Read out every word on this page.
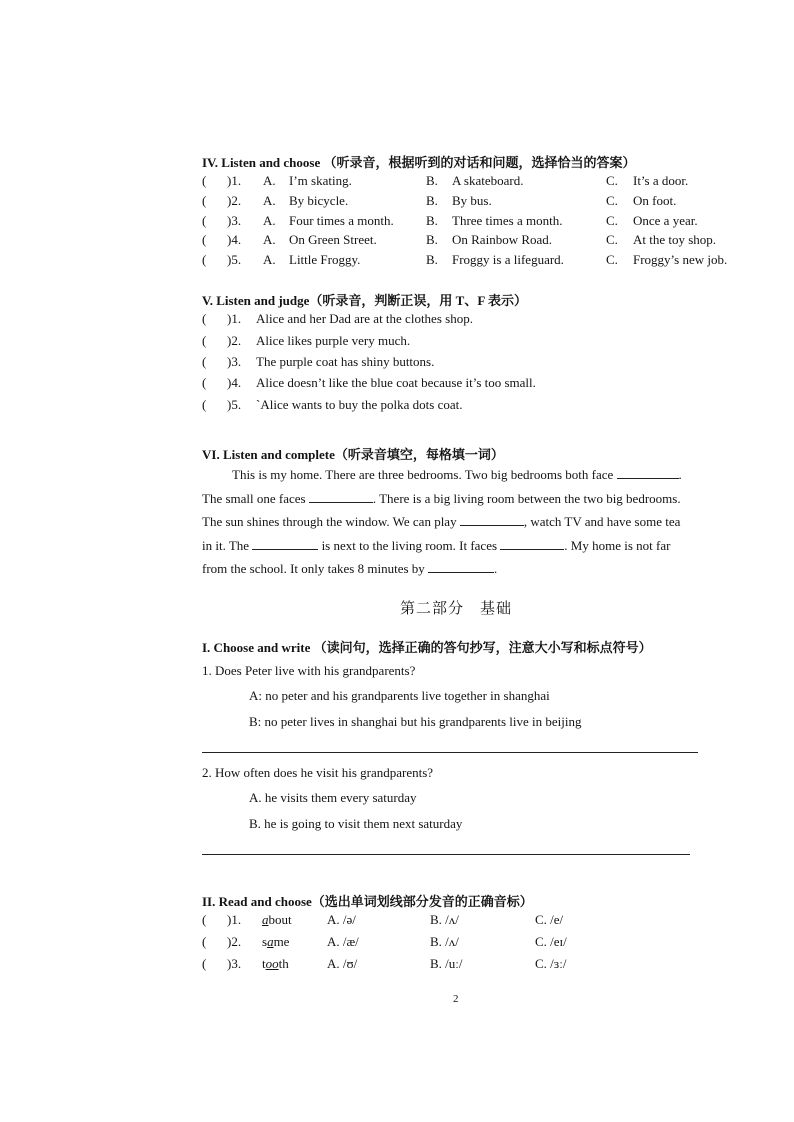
IV. Listen and choose （听录音，根据听到的对话和问题，选择恰当的答案）
( )1. A. I’m skating.	B. A skateboard.	C. It’s a door.
( )2. A. By bicycle.	B. By bus.	C. On foot.
( )3. A. Four times a month. B. Three times a month.	C. Once a year.
( )4. A. On Green Street.	B. On Rainbow Road.	C. At the toy shop.
( )5. A. Little Froggy.	B. Froggy is a lifeguard.	C. Froggy’s new job.
V. Listen and judge（听录音，判断正误，用 T、F 表示）
( )1. Alice and her Dad are at the clothes shop.
( )2. Alice likes purple very much.
( )3. The purple coat has shiny buttons.
( )4. Alice doesn’t like the blue coat because it’s too small.
( )5. `Alice wants to buy the polka dots coat.
VI. Listen and complete（听录音填空，每格填一词）
This is my home. There are three bedrooms. Two big bedrooms both face	.
The small one faces	. There is a big living room between the two big bedrooms.
The sun shines through the window. We can play	, watch TV and have some tea
in it. The	is next to the living room. It faces	. My home is not far
from the school. It only takes 8 minutes by	.
第二部分　基础
I. Choose and write （读问句，选择正确的答句抄写，注意大小写和标点符号）
1. Does Peter live with his grandparents?
A: no peter and his grandparents live together in shanghai
B: no peter lives in shanghai but his grandparents live in beijing
2. How often does he visit his grandparents?
A. he visits them every saturday
B. he is going to visit them next saturday
II. Read and choose（选出单词划线部分发音的正确音标）
( )1. about	A. /ə/	B. /ʌ/	C. /e/
( )2. same	A. /æ/	B. /ʌ/	C. /eɪ/
( )3. tooth	A. /ʊ/	B. /uː/	C. /ɜː/
2
